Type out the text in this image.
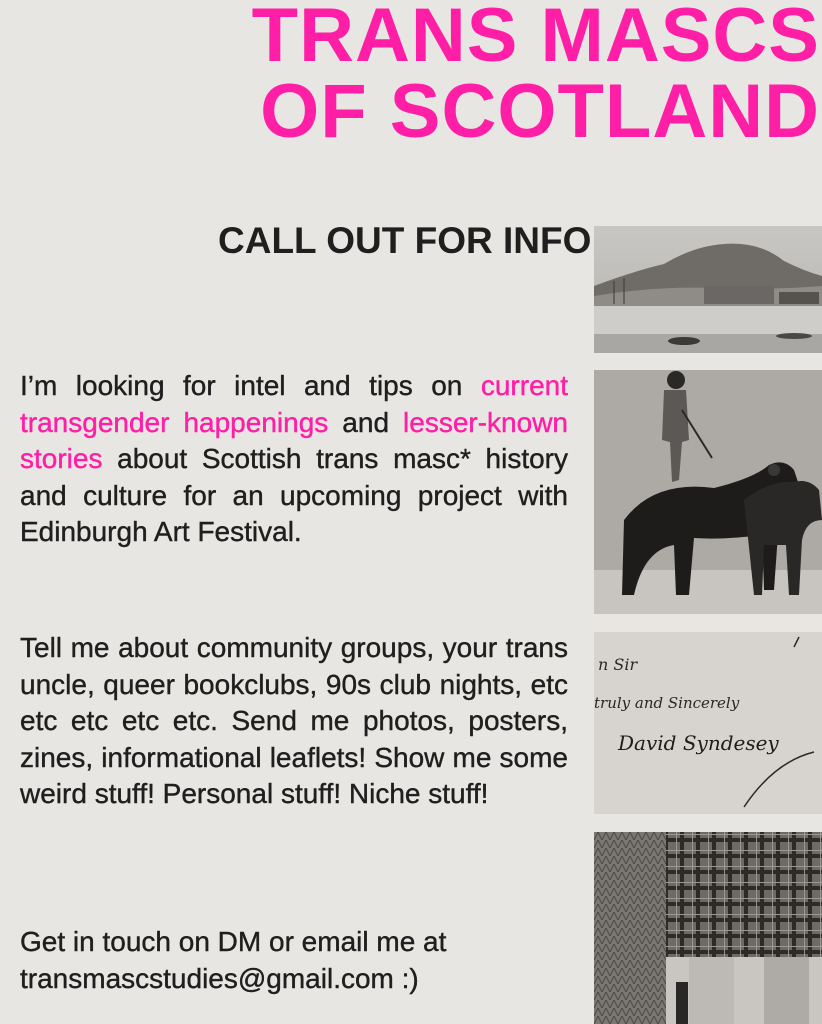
TRANS MASCS
OF SCOTLAND
CALL OUT FOR INFO
I’m looking for intel and tips on current transgender happenings and lesser-known stories about Scottish trans masc* history and culture for an upcoming project with Edinburgh Art Festival.
n Sir
truly and Sincerely
David Syndesey
Tell me about community groups, your trans uncle, queer bookclubs, 90s club nights, etc etc etc etc etc. Send me photos, posters, zines, informational leaflets! Show me some weird stuff! Personal stuff! Niche stuff!
Get in touch on DM or email me at
transmascstudies@gmail.com :)
